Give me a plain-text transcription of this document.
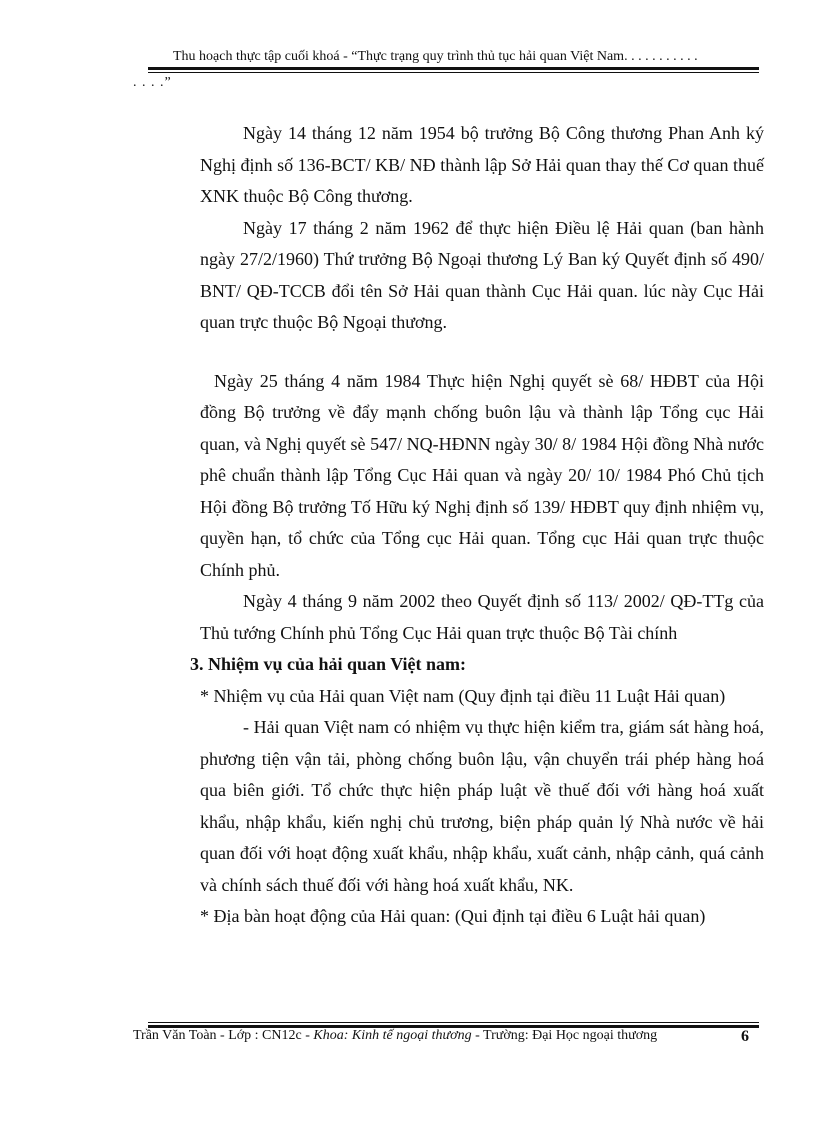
Thu hoạch thực tập cuối khoá - “Thực trạng quy trình thủ tục hải quan Việt Nam. . . . . . . . . . .
. . . .”

Ngày 14 tháng 12 năm 1954 bộ trưởng Bộ Công thương Phan Anh ký Nghị định số 136-BCT/ KB/ NĐ thành lập Sở Hải quan thay thế Cơ quan thuế XNK thuộc Bộ Công thương.

Ngày 17 tháng 2 năm 1962 để thực hiện Điều lệ Hải quan (ban hành ngày 27/2/1960) Thứ trưởng Bộ Ngoại thương Lý Ban ký Quyết định số 490/ BNT/ QĐ-TCCB đổi tên Sở Hải quan thành Cục Hải quan. lúc này Cục Hải quan trực thuộc Bộ Ngoại thương.

Ngày 25 tháng 4 năm 1984 Thực hiện Nghị quyết sè 68/ HĐBT của Hội đồng Bộ trưởng về đẩy mạnh chống buôn lậu và thành lập Tổng cục Hải quan, và Nghị quyết sè 547/ NQ-HĐNN ngày 30/ 8/ 1984 Hội đồng Nhà nước phê chuẩn thành lập Tổng Cục Hải quan và ngày 20/ 10/ 1984 Phó Chủ tịch Hội đồng Bộ trưởng Tố Hữu ký Nghị định số 139/ HĐBT quy định nhiệm vụ, quyền hạn, tổ chức của Tổng cục Hải quan. Tổng cục Hải quan trực thuộc Chính phủ.

Ngày 4 tháng 9 năm 2002 theo Quyết định số 113/ 2002/ QĐ-TTg của Thủ tướng Chính phủ Tổng Cục Hải quan trực thuộc Bộ Tài chính

3. Nhiệm vụ của hải quan Việt nam:

* Nhiệm vụ của Hải quan Việt nam (Quy định tại điều 11 Luật Hải quan)

- Hải quan Việt nam có nhiệm vụ thực hiện kiểm tra, giám sát hàng hoá, phương tiện vận tải, phòng chống buôn lậu, vận chuyển trái phép hàng hoá qua biên giới. Tổ chức thực hiện pháp luật về thuế đối với hàng hoá xuất khẩu, nhập khẩu, kiến nghị chủ trương, biện pháp quản lý Nhà nước về hải quan đối với hoạt động xuất khẩu, nhập khẩu, xuất cảnh, nhập cảnh, quá cảnh và chính sách thuế đối với hàng hoá xuất khẩu, NK.

* Địa bàn hoạt động của Hải quan: (Qui định tại điều 6 Luật hải quan)

Trần Văn Toàn - Lớp : CN12c - Khoa: Kinh tế ngoại thương - Trường: Đại Học ngoại thương	6
